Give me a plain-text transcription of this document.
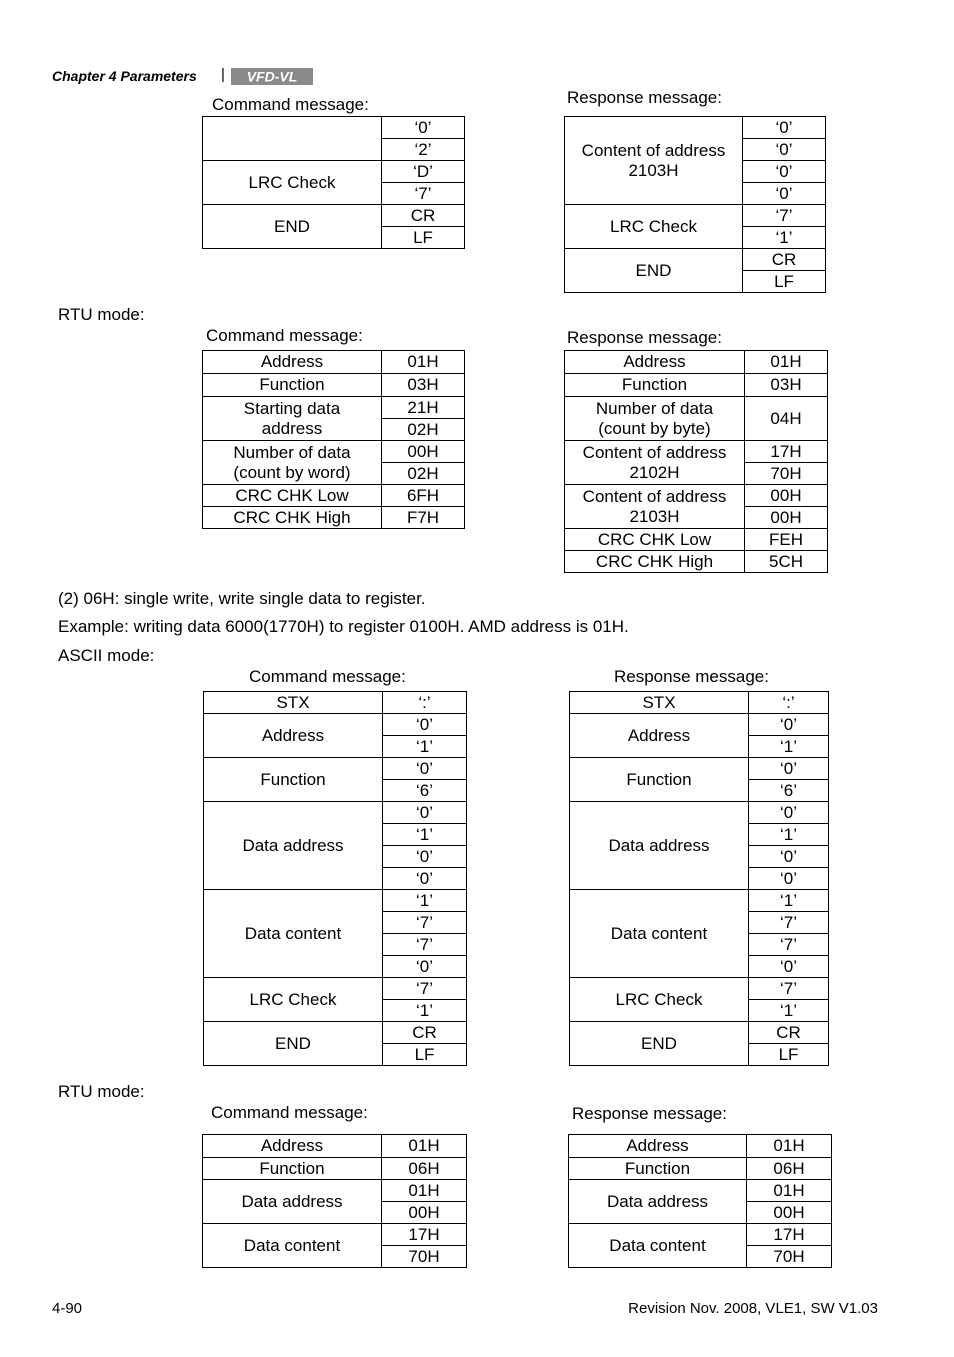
Chapter 4 Parameters | VFD-VL
Command message:
	‘0’
	‘2’
LRC Check	‘D’
	‘7’
END	CR
	LF
Response message:
Content of address
2103H	‘0’
	‘0’
	‘0’
	‘0’
LRC Check	‘7’
	‘1’
END	CR
	LF
RTU mode:
Command message:
Address	01H
Function	03H
Starting data
address	21H
	02H
Number of data
(count by word)	00H
	02H
CRC CHK Low	6FH
CRC CHK High	F7H
Response message:
Address	01H
Function	03H
Number of data
(count by byte)	04H
Content of address
2102H	17H
	70H
Content of address
2103H	00H
	00H
CRC CHK Low	FEH
CRC CHK High	5CH
(2) 06H: single write, write single data to register.
Example: writing data 6000(1770H) to register 0100H. AMD address is 01H.
ASCII mode:
Command message:
STX	‘:’
Address	‘0’
	‘1’
Function	‘0’
	‘6’
Data address	‘0’
	‘1’
	‘0’
	‘0’
Data content	‘1’
	‘7’
	‘7’
	‘0’
LRC Check	‘7’
	‘1’
END	CR
	LF
Response message:
STX	‘:’
Address	‘0’
	‘1’
Function	‘0’
	‘6’
Data address	‘0’
	‘1’
	‘0’
	‘0’
Data content	‘1’
	‘7’
	‘7’
	‘0’
LRC Check	‘7’
	‘1’
END	CR
	LF
RTU mode:
Command message:
Address	01H
Function	06H
Data address	01H
	00H
Data content	17H
	70H
Response message:
Address	01H
Function	06H
Data address	01H
	00H
Data content	17H
	70H
4-90	Revision Nov. 2008, VLE1, SW V1.03
